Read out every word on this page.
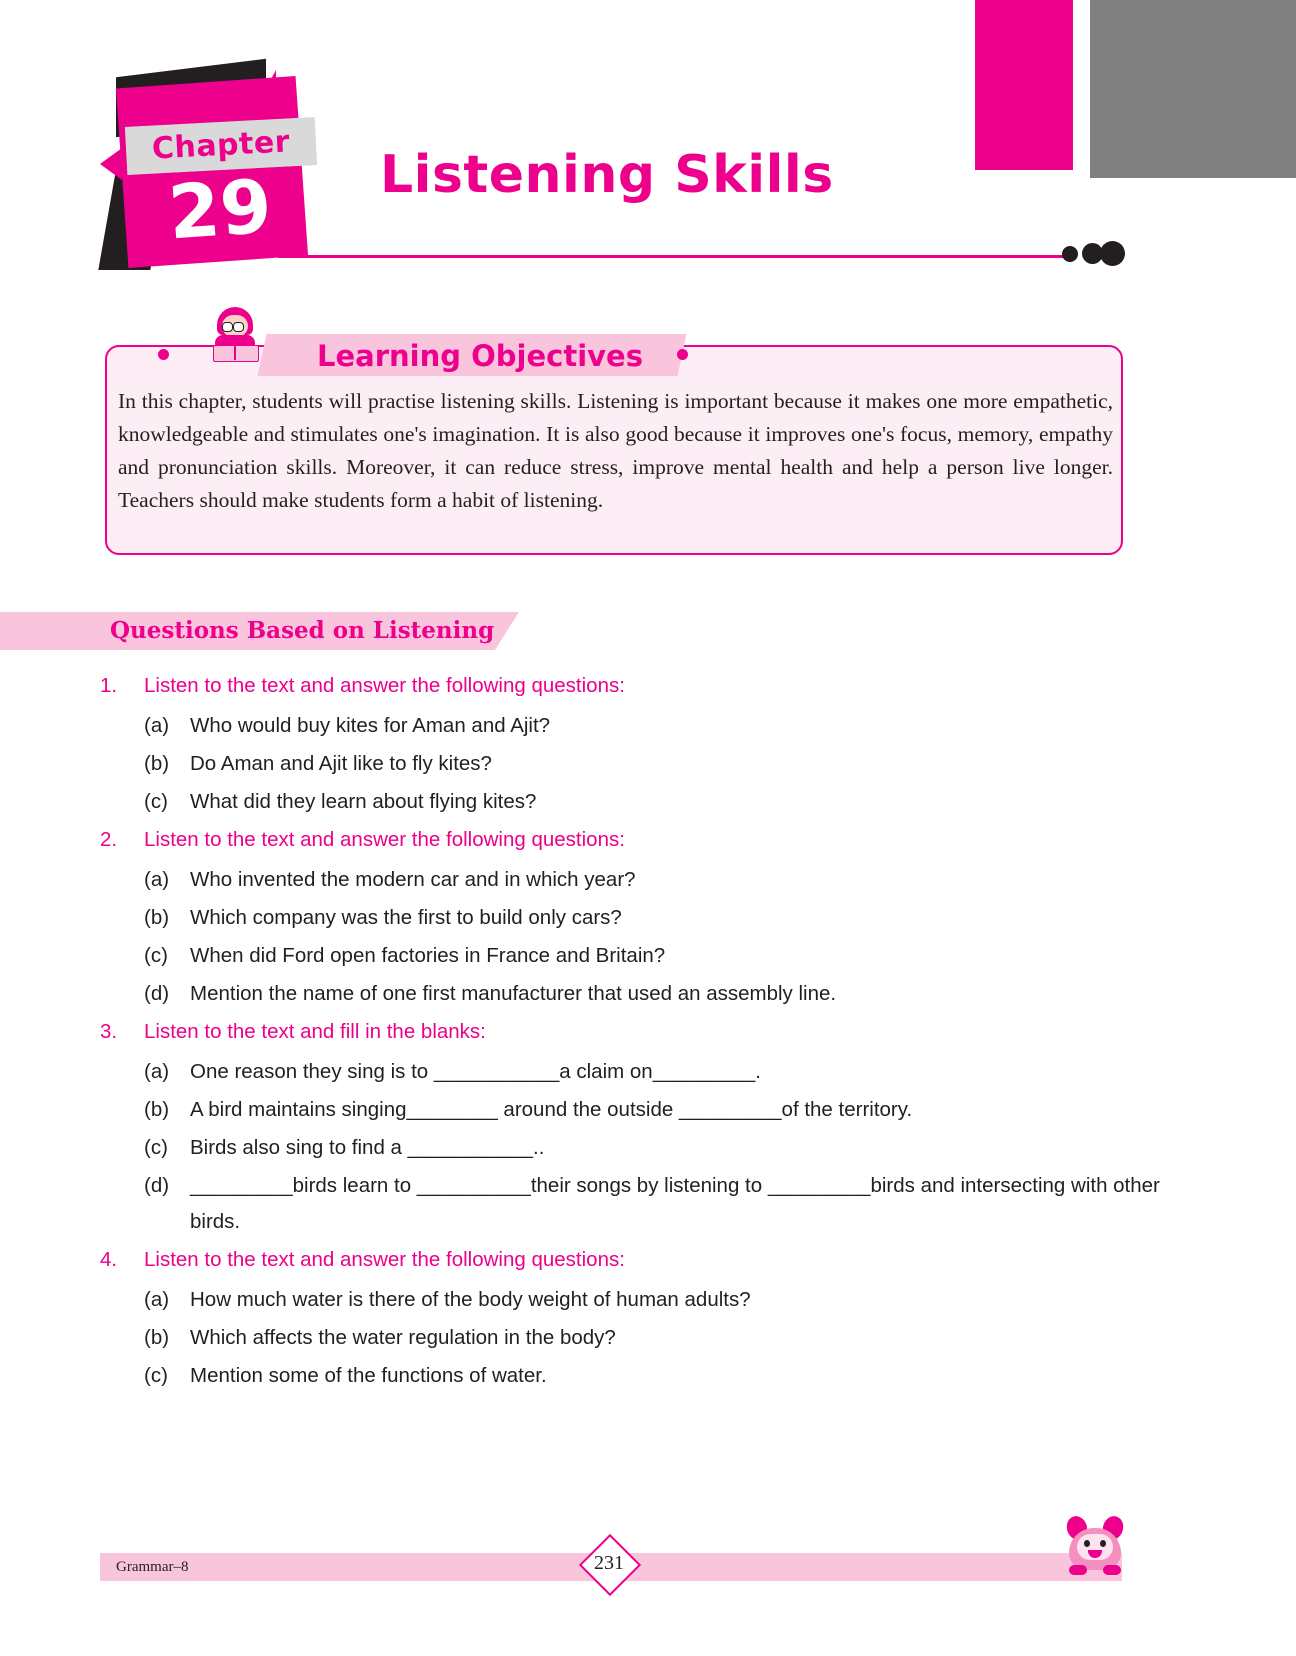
Chapter
29	Listening Skills
Learning Objectives
In this chapter, students will practise listening skills. Listening is important because it makes one more empathetic, knowledgeable and stimulates one's imagination. It is also good because it improves one's focus, memory, empathy and pronunciation skills. Moreover, it can reduce stress, improve mental health and help a person live longer. Teachers should make students form a habit of listening.
Questions Based on Listening
1.	Listen to the text and answer the following questions:
(a)	Who would buy kites for Aman and Ajit?
(b)	Do Aman and Ajit like to fly kites?
(c)	What did they learn about flying kites?
2.	Listen to the text and answer the following questions:
(a)	Who invented the modern car and in which year?
(b)	Which company was the first to build only cars?
(c)	When did Ford open factories in France and Britain?
(d)	Mention the name of one first manufacturer that used an assembly line.
3.	Listen to the text and fill in the blanks:
(a)	One reason they sing is to ___________a claim on_________.
(b)	A bird maintains singing________ around the outside _________of the territory.
(c)	Birds also sing to find a ___________..
(d)	_________birds learn to __________their songs by listening to _________birds and intersecting with other birds.
4.	Listen to the text and answer the following questions:
(a)	How much water is there of the body weight of human adults?
(b)	Which affects the water regulation in the body?
(c)	Mention some of the functions of water.
Grammar–8	231
